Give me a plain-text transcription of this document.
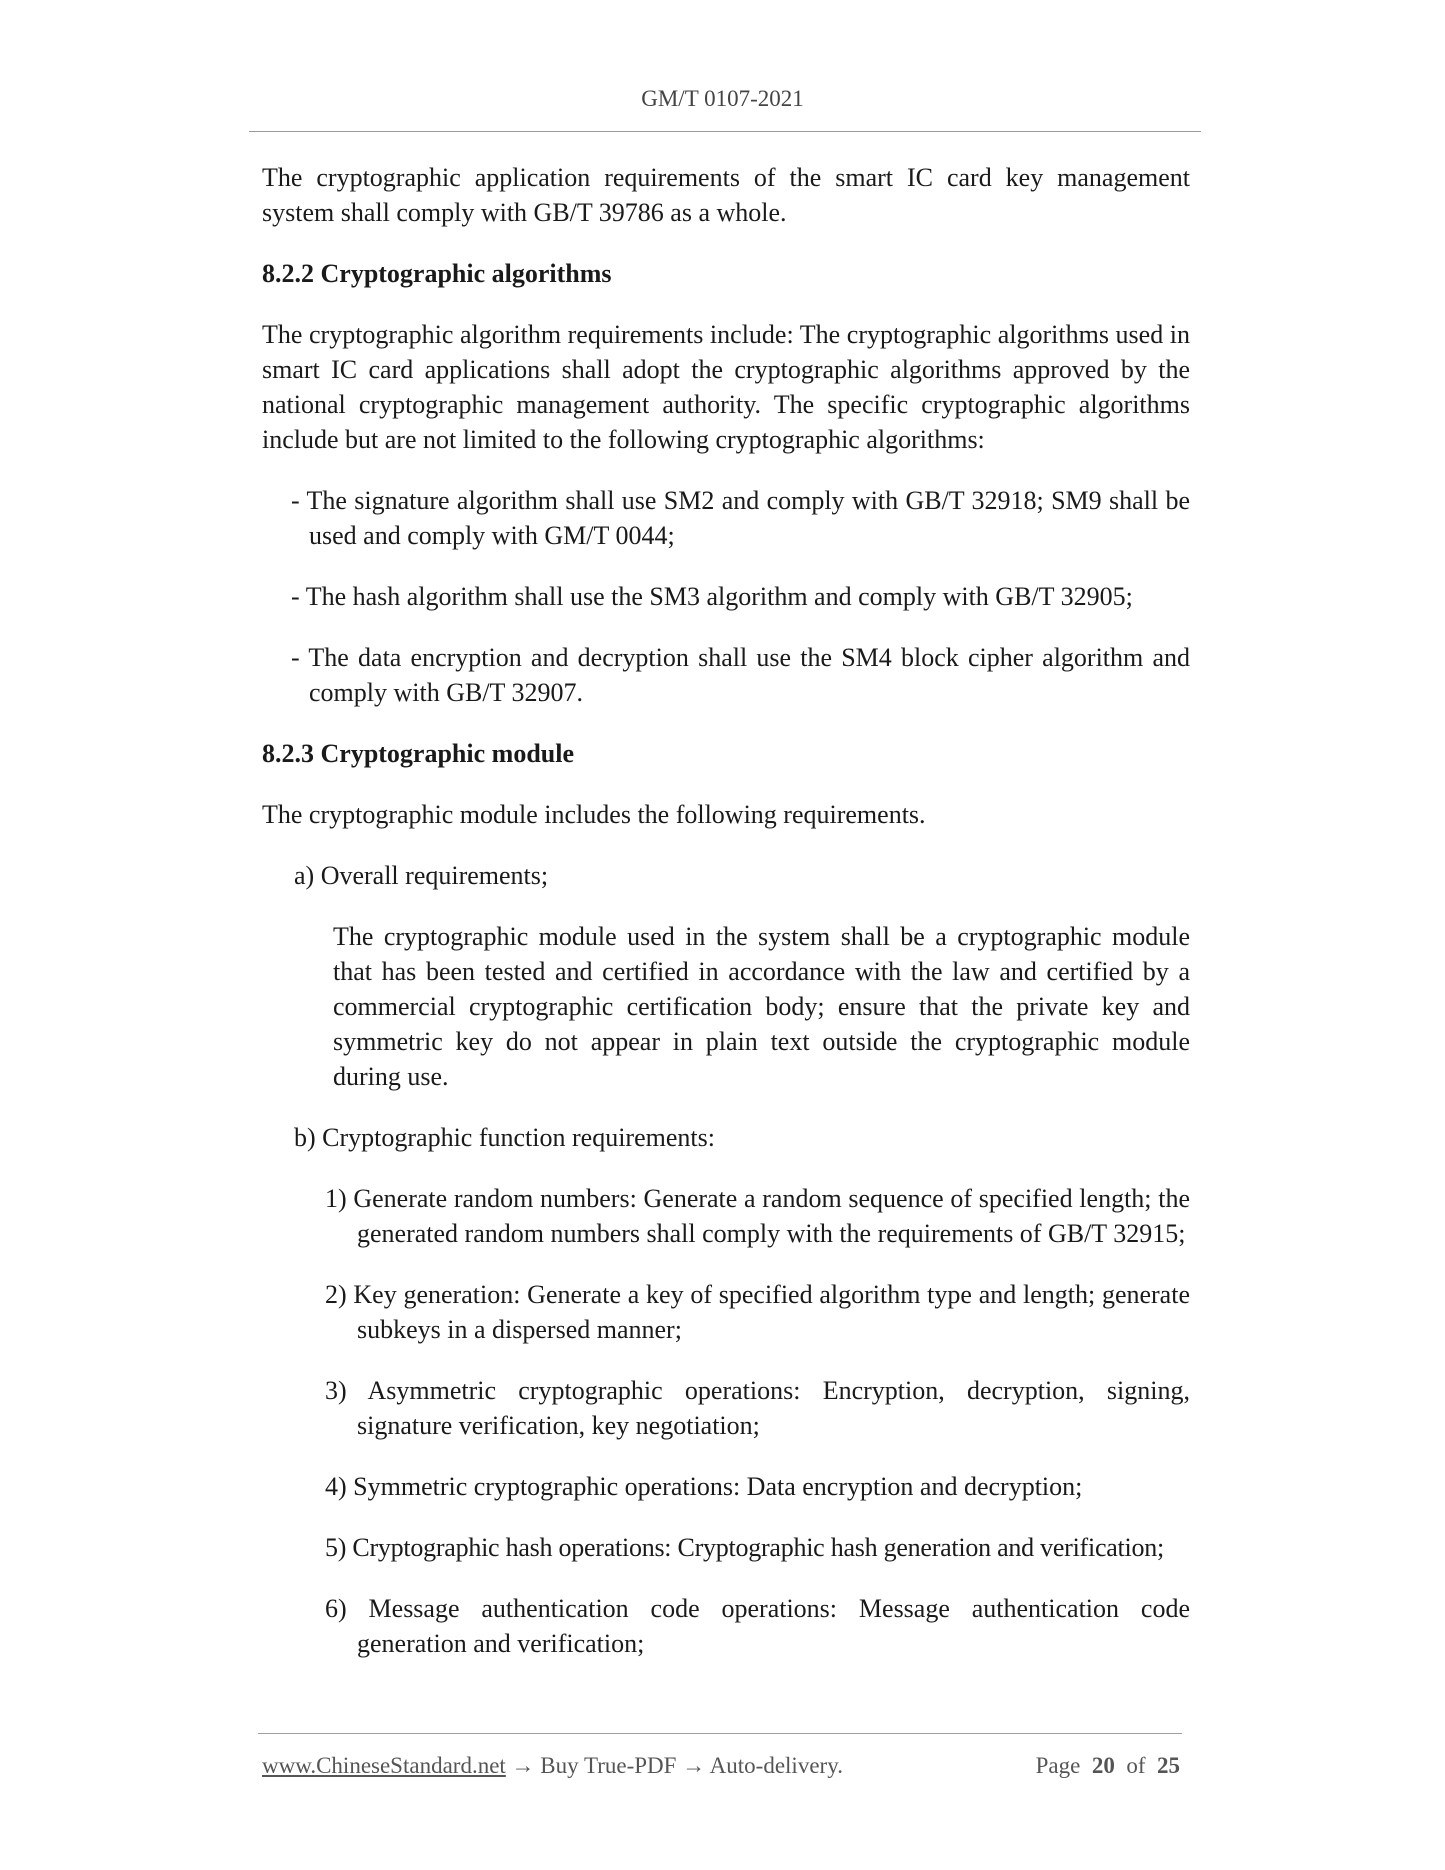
GM/T 0107-2021

The cryptographic application requirements of the smart IC card key management system shall comply with GB/T 39786 as a whole.

8.2.2 Cryptographic algorithms

The cryptographic algorithm requirements include: The cryptographic algorithms used in smart IC card applications shall adopt the cryptographic algorithms approved by the national cryptographic management authority. The specific cryptographic algorithms include but are not limited to the following cryptographic algorithms:

- The signature algorithm shall use SM2 and comply with GB/T 32918; SM9 shall be used and comply with GM/T 0044;

- The hash algorithm shall use the SM3 algorithm and comply with GB/T 32905;

- The data encryption and decryption shall use the SM4 block cipher algorithm and comply with GB/T 32907.

8.2.3 Cryptographic module

The cryptographic module includes the following requirements.

a) Overall requirements;

The cryptographic module used in the system shall be a cryptographic module that has been tested and certified in accordance with the law and certified by a commercial cryptographic certification body; ensure that the private key and symmetric key do not appear in plain text outside the cryptographic module during use.

b) Cryptographic function requirements:

1) Generate random numbers: Generate a random sequence of specified length; the generated random numbers shall comply with the requirements of GB/T 32915;

2) Key generation: Generate a key of specified algorithm type and length; generate subkeys in a dispersed manner;

3) Asymmetric cryptographic operations: Encryption, decryption, signing, signature verification, key negotiation;

4) Symmetric cryptographic operations: Data encryption and decryption;

5) Cryptographic hash operations: Cryptographic hash generation and verification;

6) Message authentication code operations: Message authentication code generation and verification;

www.ChineseStandard.net → Buy True-PDF → Auto-delivery.	Page 20 of 25
